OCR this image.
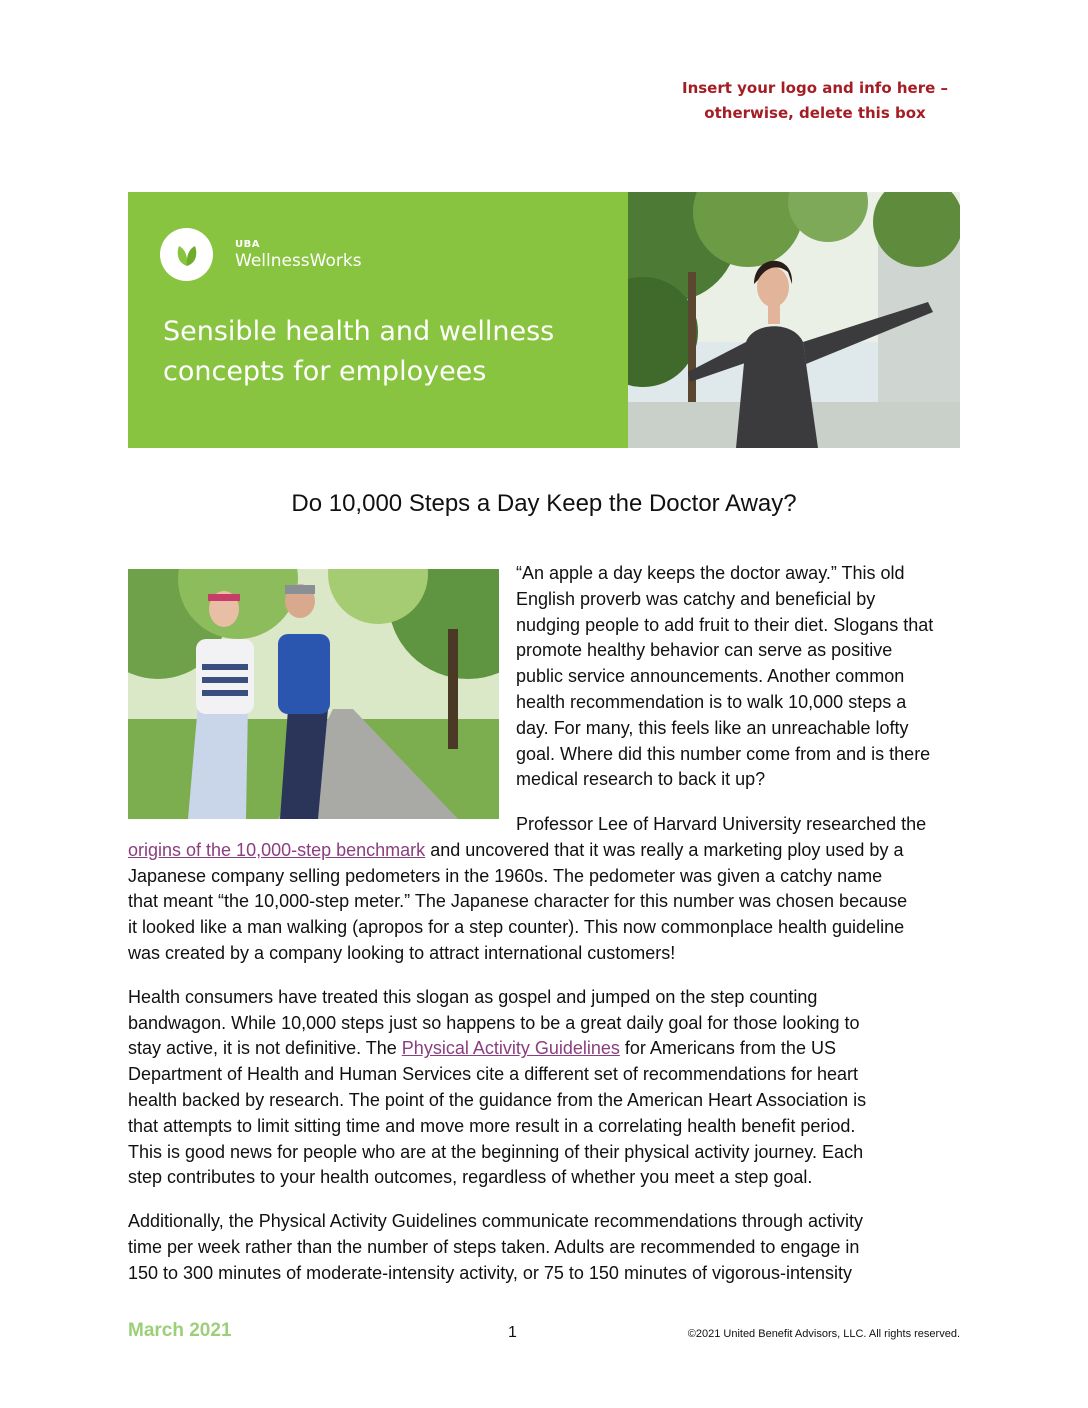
Insert your logo and info here –
otherwise, delete this box
UBA
WellnessWorks
Sensible health and wellness
concepts for employees
Do 10,000 Steps a Day Keep the Doctor Away?

“An apple a day keeps the doctor away.” This old
English proverb was catchy and beneficial by
nudging people to add fruit to their diet. Slogans that
promote healthy behavior can serve as positive
public service announcements. Another common
health recommendation is to walk 10,000 steps a
day. For many, this feels like an unreachable lofty
goal. Where did this number come from and is there
medical research to back it up?

Professor Lee of Harvard University researched the
origins of the 10,000-step benchmark and uncovered that it was really a marketing ploy used by a
Japanese company selling pedometers in the 1960s. The pedometer was given a catchy name
that meant “the 10,000-step meter.” The Japanese character for this number was chosen because
it looked like a man walking (apropos for a step counter). This now commonplace health guideline
was created by a company looking to attract international customers!
Health consumers have treated this slogan as gospel and jumped on the step counting
bandwagon. While 10,000 steps just so happens to be a great daily goal for those looking to
stay active, it is not definitive. The Physical Activity Guidelines for Americans from the US
Department of Health and Human Services cite a different set of recommendations for heart
health backed by research. The point of the guidance from the American Heart Association is
that attempts to limit sitting time and move more result in a correlating health benefit period.
This is good news for people who are at the beginning of their physical activity journey. Each
step contributes to your health outcomes, regardless of whether you meet a step goal.
Additionally, the Physical Activity Guidelines communicate recommendations through activity
time per week rather than the number of steps taken. Adults are recommended to engage in
150 to 300 minutes of moderate-intensity activity, or 75 to 150 minutes of vigorous-intensity
March 2021	1	©2021 United Benefit Advisors, LLC. All rights reserved.
